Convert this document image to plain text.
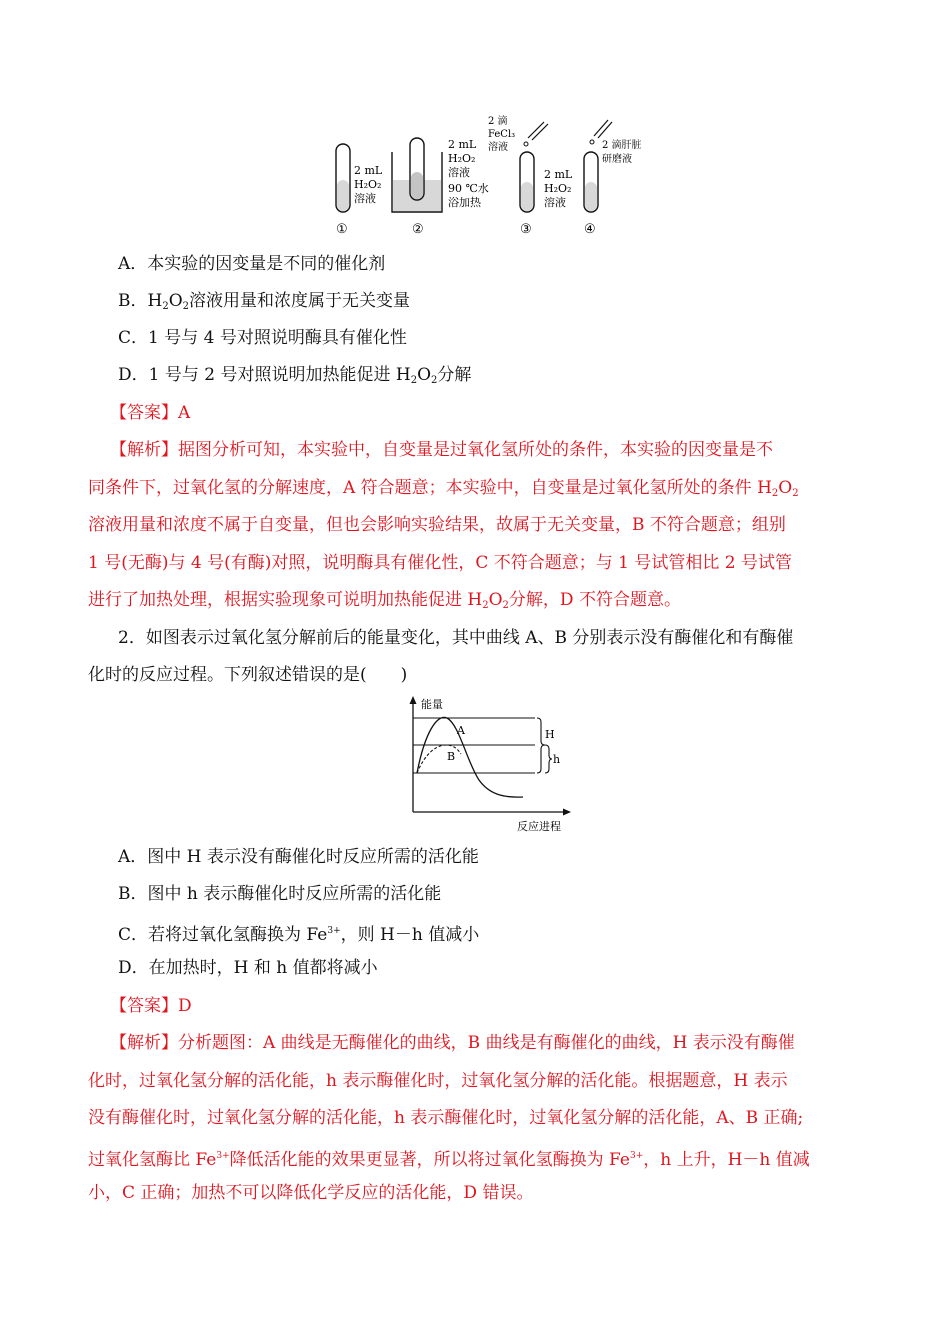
2 mL
H₂O₂
溶液
2 mL
H₂O₂
溶液
90 ℃水
浴加热
2 滴
FeCl₃
溶液
2 mL
H₂O₂
溶液
2 滴肝脏
研磨液
①	②	③	④
A．本实验的因变量是不同的催化剂
B．$H_2O_2$溶液用量和浓度属于无关变量
C．1 号与 4 号对照说明酶具有催化性
D．1 号与 2 号对照说明加热能促进 $H_2O_2$分解
【答案】A
【解析】据图分析可知，本实验中，自变量是过氧化氢所处的条件，本实验的因变量是不
同条件下，过氧化氢的分解速度，A 符合题意；本实验中，自变量是过氧化氢所处的条件 $H_2O_2$
溶液用量和浓度不属于自变量，但也会影响实验结果，故属于无关变量，B 不符合题意；组别
1 号(无酶)与 4 号(有酶)对照，说明酶具有催化性，C 不符合题意；与 1 号试管相比 2 号试管
进行了加热处理，根据实验现象可说明加热能促进 $H_2O_2$分解，D 不符合题意。
2．如图表示过氧化氢分解前后的能量变化，其中曲线 A、B 分别表示没有酶催化和有酶催
化时的反应过程。下列叙述错误的是(　　)
能量
反应进程
A
B
H
h
A．图中 H 表示没有酶催化时反应所需的活化能
B．图中 h 表示酶催化时反应所需的活化能
C．若将过氧化氢酶换为 $Fe^{3+}$，则 H－h 值减小
D．在加热时，H 和 h 值都将减小
【答案】D
【解析】分析题图：A 曲线是无酶催化的曲线，B 曲线是有酶催化的曲线，H 表示没有酶催
化时，过氧化氢分解的活化能，h 表示酶催化时，过氧化氢分解的活化能。根据题意，H 表示
没有酶催化时，过氧化氢分解的活化能，h 表示酶催化时，过氧化氢分解的活化能，A、B 正确;
过氧化氢酶比 $Fe^{3+}$降低活化能的效果更显著，所以将过氧化氢酶换为 $Fe^{3+}$，h 上升，H－h 值减
小，C 正确；加热不可以降低化学反应的活化能，D 错误。
